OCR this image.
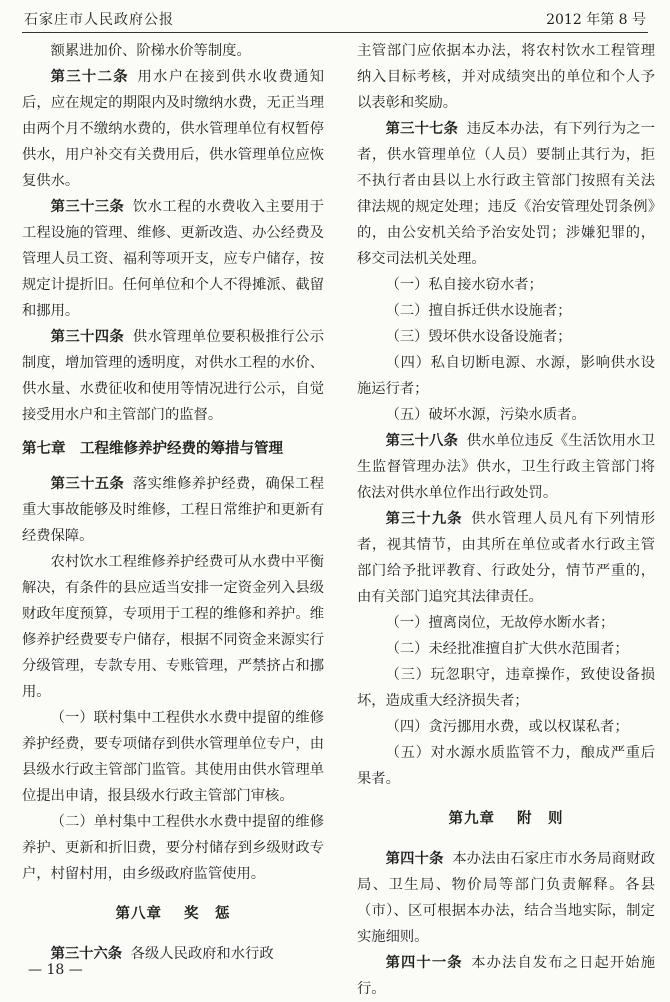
石家庄市人民政府公报	2012 年第 8 号

额累进加价、阶梯水价等制度。

第三十二条 用水户在接到供水收费通知后，应在规定的期限内及时缴纳水费，无正当理由两个月不缴纳水费的，供水管理单位有权暂停供水，用户补交有关费用后，供水管理单位应恢复供水。

第三十三条 饮水工程的水费收入主要用于工程设施的管理、维修、更新改造、办公经费及管理人员工资、福利等项开支，应专户储存，按规定计提折旧。任何单位和个人不得摊派、截留和挪用。

第三十四条 供水管理单位要积极推行公示制度，增加管理的透明度，对供水工程的水价、供水量、水费征收和使用等情况进行公示，自觉接受用水户和主管部门的监督。

第七章　工程维修养护经费的筹措与管理

第三十五条 落实维修养护经费，确保工程重大事故能够及时维修，工程日常维护和更新有经费保障。

农村饮水工程维修养护经费可从水费中平衡解决，有条件的县应适当安排一定资金列入县级财政年度预算，专项用于工程的维修和养护。维修养护经费要专户储存，根据不同资金来源实行分级管理，专款专用、专账管理，严禁挤占和挪用。

（一）联村集中工程供水水费中提留的维修养护经费，要专项储存到供水管理单位专户，由县级水行政主管部门监管。其使用由供水管理单位提出申请，报县级水行政主管部门审核。

（二）单村集中工程供水水费中提留的维修养护、更新和折旧费，要分村储存到乡级财政专户，村留村用，由乡级政府监管使用。

第八章 奖　惩

第三十六条 各级人民政府和水行政

主管部门应依据本办法，将农村饮水工程管理纳入目标考核，并对成绩突出的单位和个人予以表彰和奖励。

第三十七条 违反本办法，有下列行为之一者，供水管理单位（人员）要制止其行为，拒不执行者由县以上水行政主管部门按照有关法律法规的规定处理；违反《治安管理处罚条例》的，由公安机关给予治安处罚；涉嫌犯罪的，移交司法机关处理。

（一）私自接水窃水者；

（二）擅自拆迁供水设施者；

（三）毁坏供水设备设施者；

（四）私自切断电源、水源，影响供水设施运行者；

（五）破坏水源，污染水质者。

第三十八条 供水单位违反《生活饮用水卫生监督管理办法》供水，卫生行政主管部门将依法对供水单位作出行政处罚。

第三十九条 供水管理人员凡有下列情形者，视其情节，由其所在单位或者水行政主管部门给予批评教育、行政处分，情节严重的，由有关部门追究其法律责任。

（一）擅离岗位，无故停水断水者；

（二）未经批准擅自扩大供水范围者；

（三）玩忽职守，违章操作，致使设备损坏，造成重大经济损失者；

（四）贪污挪用水费，或以权谋私者；

（五）对水源水质监管不力，酿成严重后果者。

第九章 附　则

第四十条 本办法由石家庄市水务局商财政局、卫生局、物价局等部门负责解释。各县（市）、区可根据本办法，结合当地实际，制定实施细则。

第四十一条 本办法自发布之日起开始施行。

— 18 —
